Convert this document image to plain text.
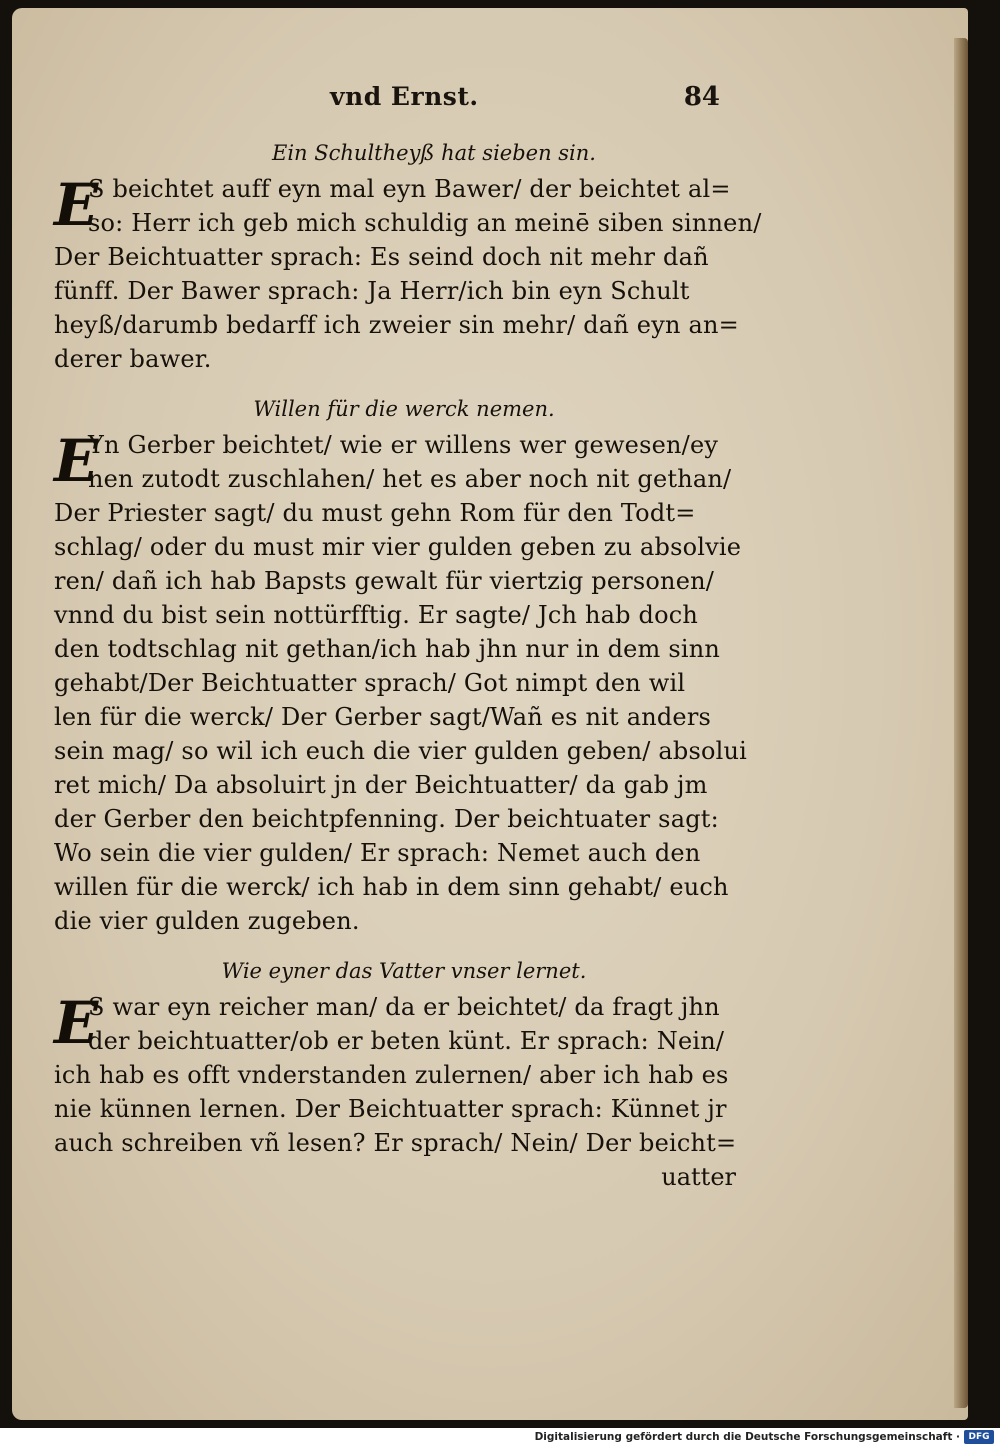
vnd Ernst.	84
Ein Schultheyß hat sieben sin.
E
S beichtet auff eyn mal eyn Bawer/ der beichtet al=
so: Herr ich geb mich schuldig an meinē siben sinnen/
Der Beichtuatter sprach: Es seind doch nit mehr dañ
fünff. Der Bawer sprach: Ja Herr/ich bin eyn Schult
heyß/darumb bedarff ich zweier sin mehr/ dañ eyn an=
derer bawer.
Willen für die werck nemen.
E
Yn Gerber beichtet/ wie er willens wer gewesen/ey
nen zutodt zuschlahen/ het es aber noch nit gethan/
Der Priester sagt/ du must gehn Rom für den Todt=
schlag/ oder du must mir vier gulden geben zu absolvie
ren/ dañ ich hab Bapsts gewalt für viertzig personen/
vnnd du bist sein nottürfftig. Er sagte/ Jch hab doch
den todtschlag nit gethan/ich hab jhn nur in dem sinn
gehabt/Der Beichtuatter sprach/ Got nimpt den wil
len für die werck/ Der Gerber sagt/Wañ es nit anders
sein mag/ so wil ich euch die vier gulden geben/ absolui
ret mich/ Da absoluirt jn der Beichtuatter/ da gab jm
der Gerber den beichtpfenning. Der beichtuater sagt:
Wo sein die vier gulden/ Er sprach: Nemet auch den
willen für die werck/ ich hab in dem sinn gehabt/ euch
die vier gulden zugeben.
Wie eyner das Vatter vnser lernet.
E
S war eyn reicher man/ da er beichtet/ da fragt jhn
der beichtuatter/ob er beten künt. Er sprach: Nein/
ich hab es offt vnderstanden zulernen/ aber ich hab es
nie künnen lernen. Der Beichtuatter sprach: Künnet jr
auch schreiben vñ lesen? Er sprach/ Nein/ Der beicht=
uatter
Digitalisierung gefördert durch die Deutsche Forschungsgemeinschaft · DFG
